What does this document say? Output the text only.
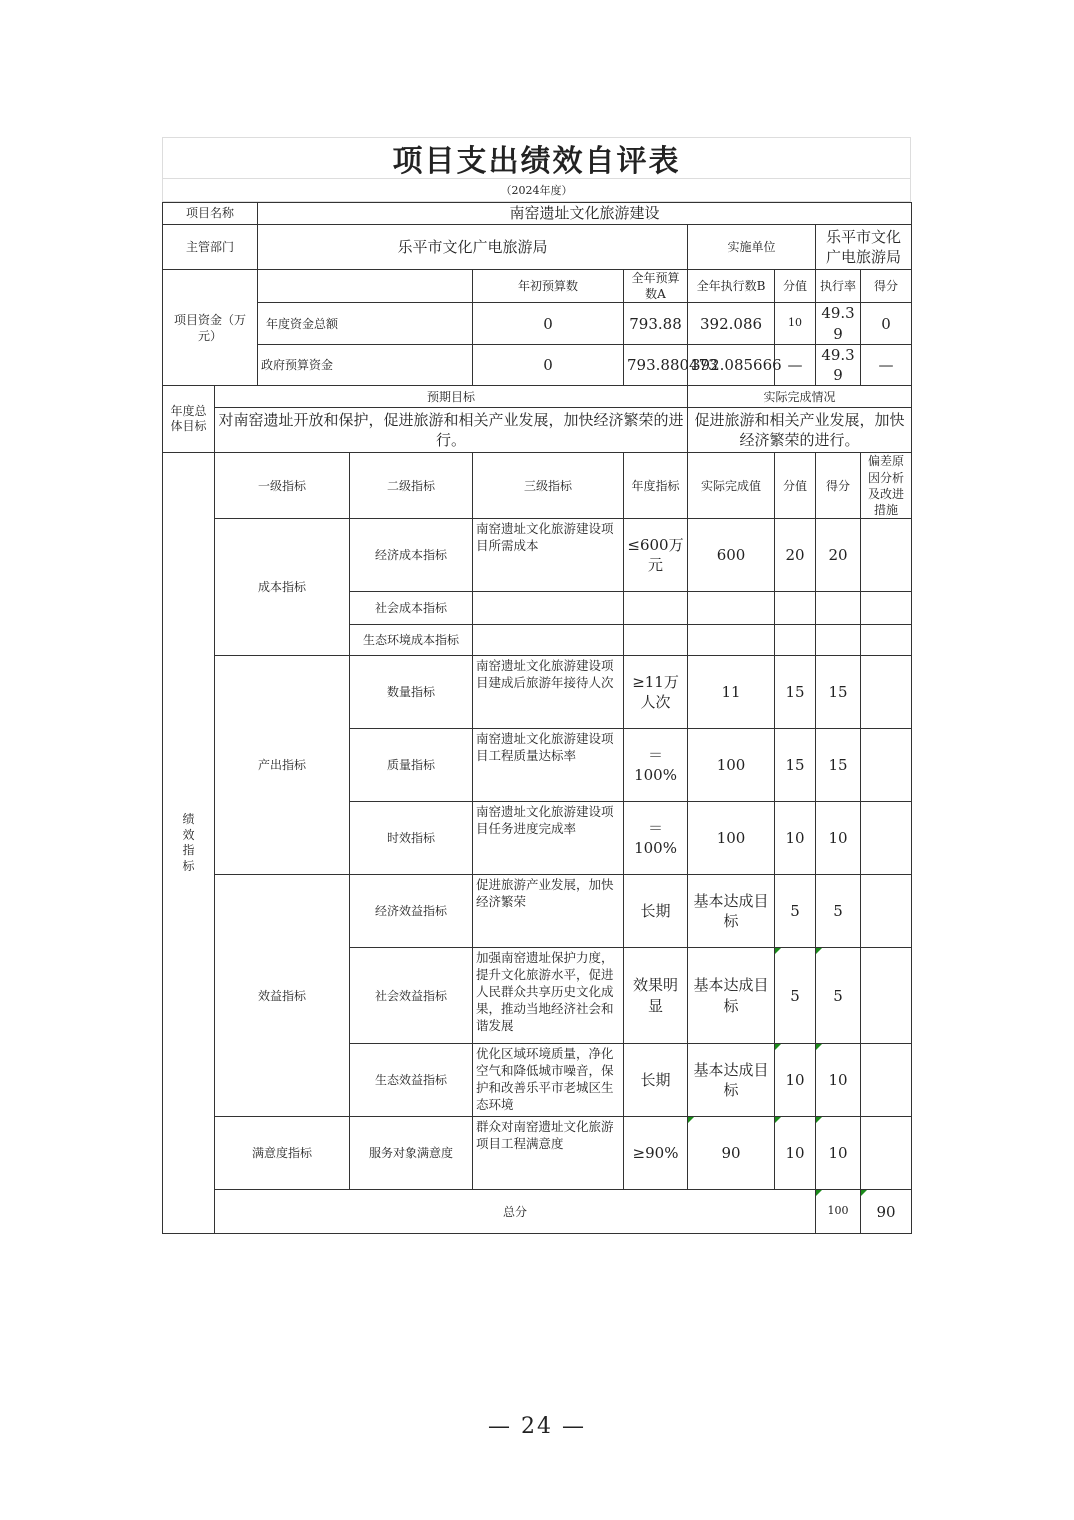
项目支出绩效自评表
（2024年度）
项目名称		南窑遗址文化旅游建设								
主管部门		乐平市文化广电旅游局				实施单位		乐平市文化广电旅游局		
项目资金（万元）				年初预算数	全年预算数A	全年执行数B	分值	执行率	得分	
		年度资金总额		0	793.88	392.086	10	49.39	0	
		政府预算资金		0	793.880473	392.085666	—	49.39	—	
年度总体目标	预期目标					实际完成情况				
	对南窑遗址开放和保护，促进旅游和相关产业发展，加快经济繁荣的进行。					促进旅游和相关产业发展，加快经济繁荣的进行。				
绩效指标	一级指标		二级指标	三级指标	年度指标	实际完成值	分值	得分	偏差原因分析及改进措施	
	成本指标		经济成本指标	南窑遗址文化旅游建设项目所需成本	≤600万元	600	20	20		
			社会成本指标							
			生态环境成本指标							
	产出指标		数量指标	南窑遗址文化旅游建设项目建成后旅游年接待人次	≥11万人次	11	15	15		
			质量指标	南窑遗址文化旅游建设项目工程质量达标率	＝100%	100	15	15		
			时效指标	南窑遗址文化旅游建设项目任务进度完成率	＝100%	100	10	10		
	效益指标		经济效益指标	促进旅游产业发展，加快经济繁荣	长期	基本达成目标	5	5		
			社会效益指标	加强南窑遗址保护力度，提升文化旅游水平，促进人民群众共享历史文化成果，推动当地经济社会和谐发展	效果明显	基本达成目标	5	5		
			生态效益指标	优化区域环境质量，净化空气和降低城市噪音，保护和改善乐平市老城区生态环境	长期	基本达成目标	10	10		
	满意度指标		服务对象满意度	群众对南窑遗址文化旅游项目工程满意度	≥90%	90	10	10		
	总分							100	90	
— 24 —
